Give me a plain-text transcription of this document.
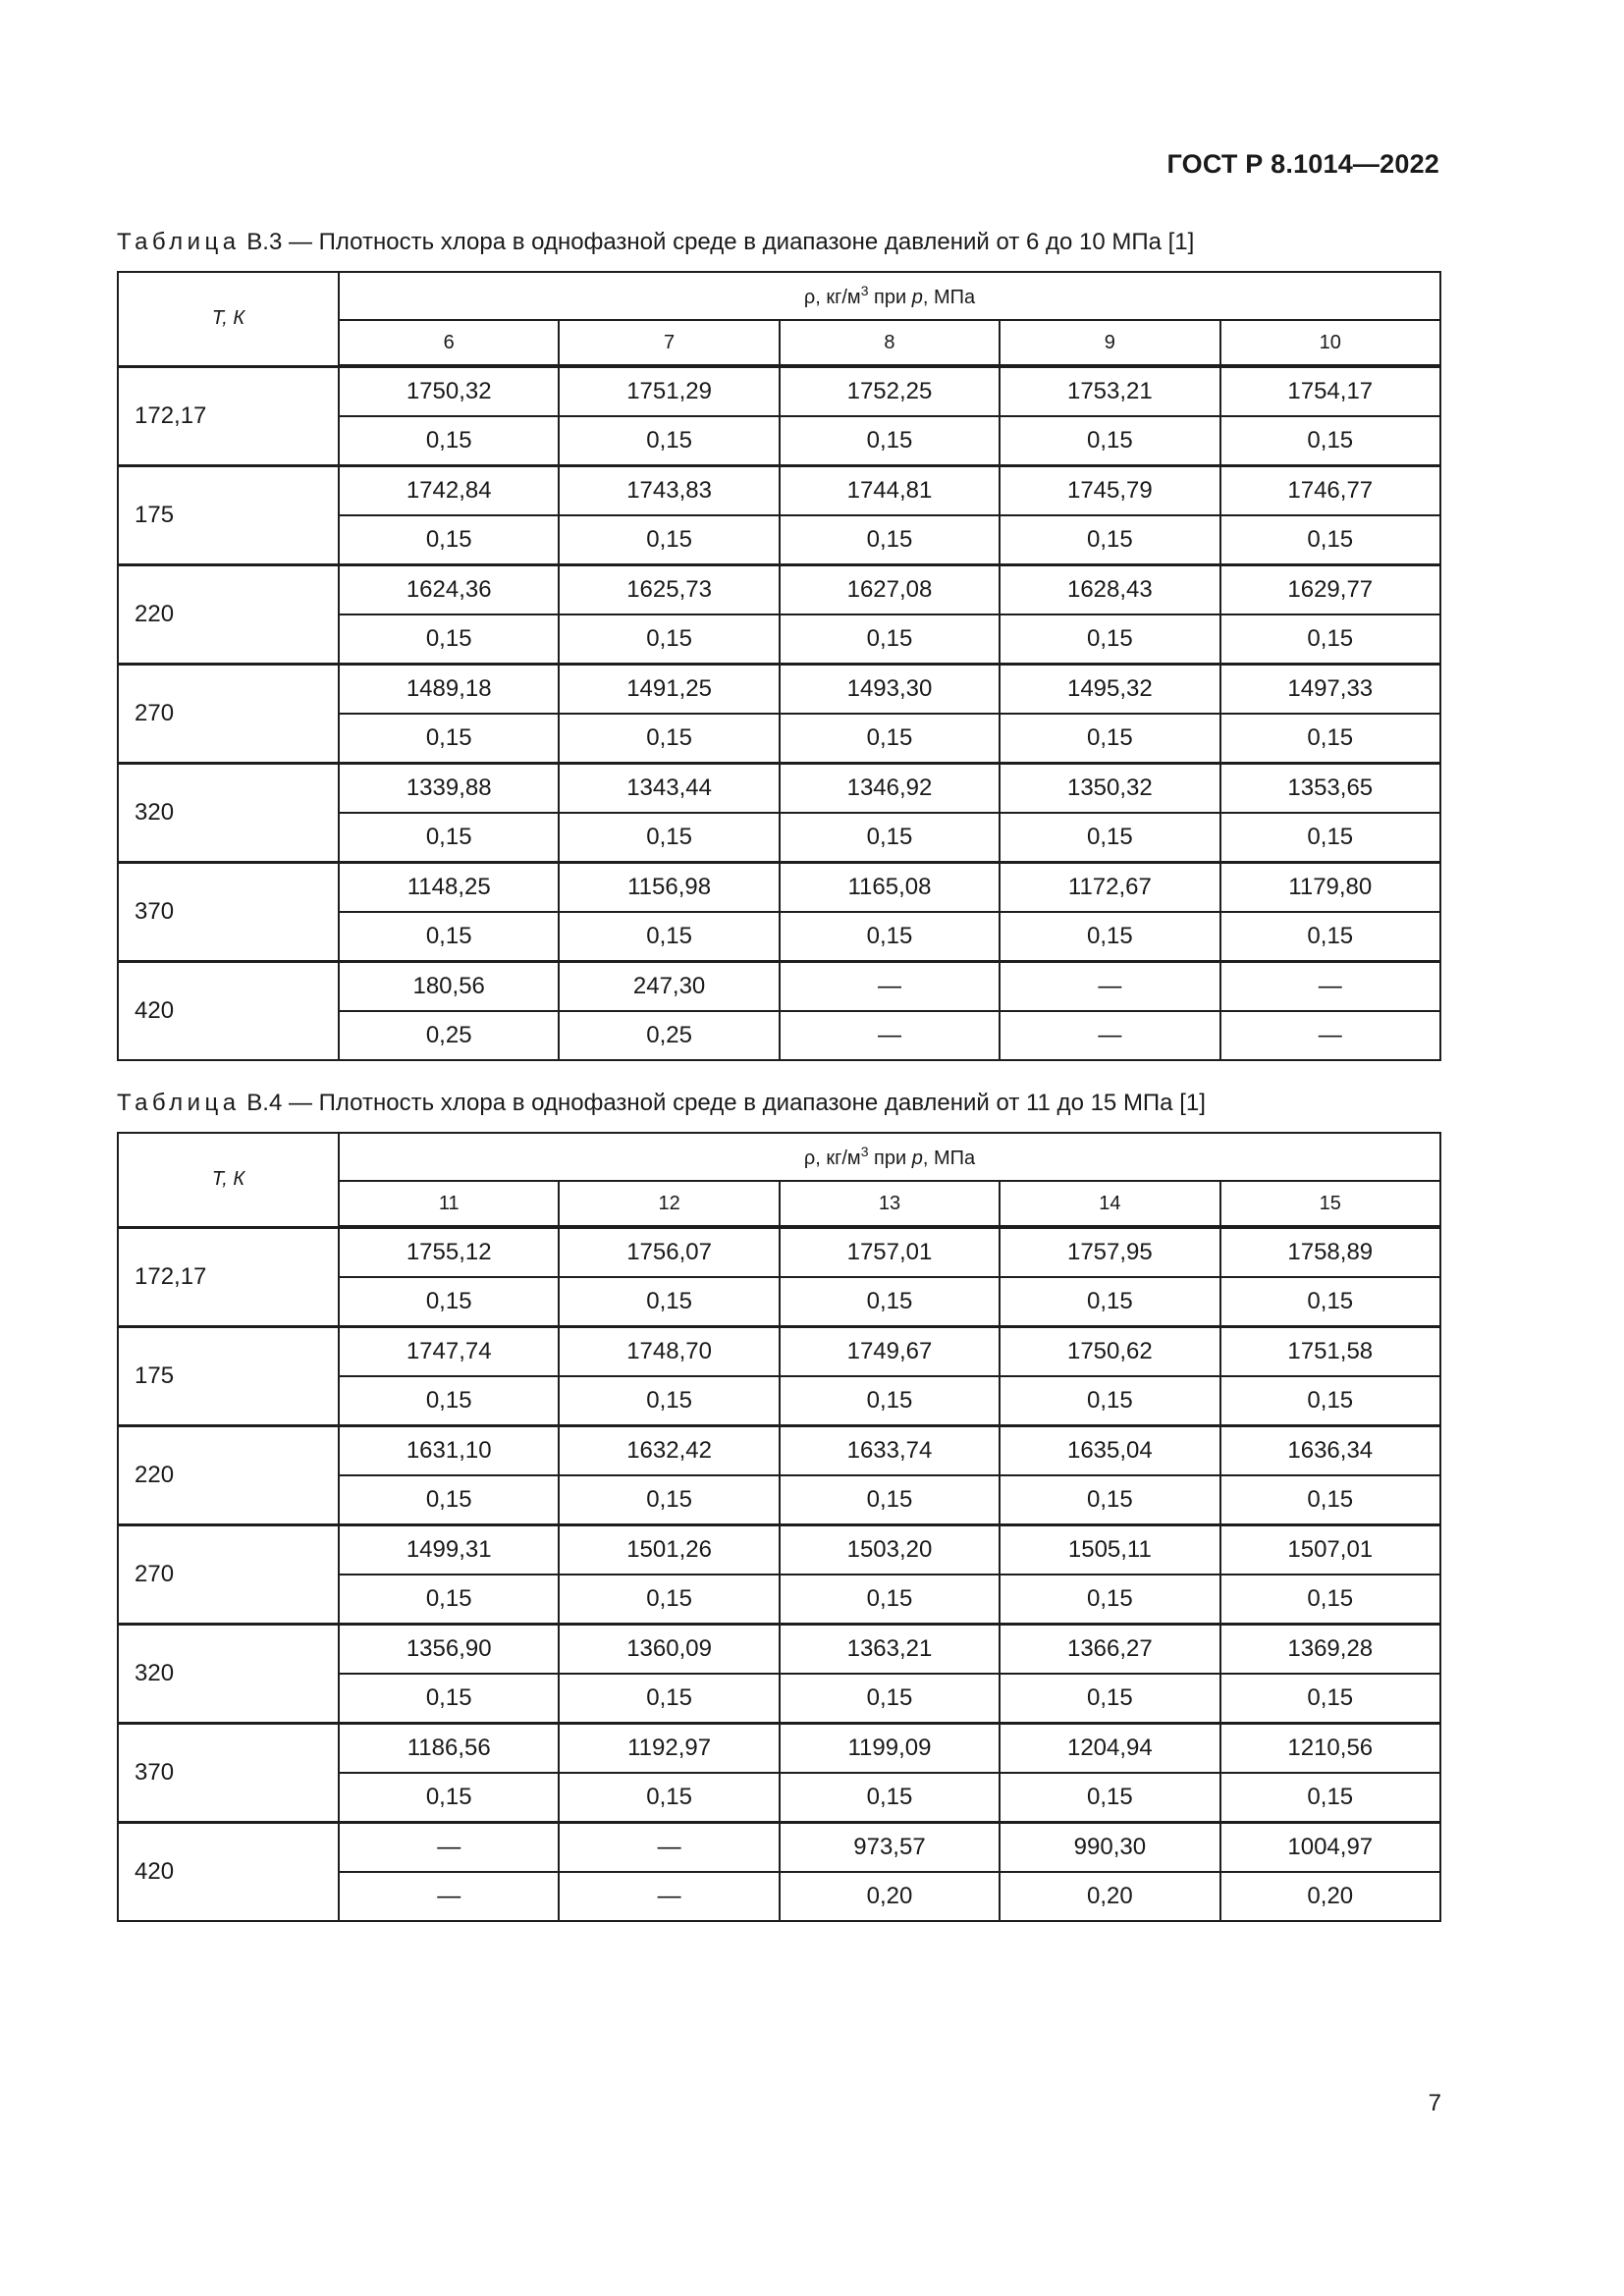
ГОСТ Р 8.1014—2022
Таблица В.3 — Плотность хлора в однофазной среде в диапазоне давлений от 6 до 10 МПа [1]
T, К	ρ, $кг/м^3$ при p, МПа				
	6	7	8	9	10
172,17	1750,32	1751,29	1752,25	1753,21	1754,17
	0,15	0,15	0,15	0,15	0,15
175	1742,84	1743,83	1744,81	1745,79	1746,77
	0,15	0,15	0,15	0,15	0,15
220	1624,36	1625,73	1627,08	1628,43	1629,77
	0,15	0,15	0,15	0,15	0,15
270	1489,18	1491,25	1493,30	1495,32	1497,33
	0,15	0,15	0,15	0,15	0,15
320	1339,88	1343,44	1346,92	1350,32	1353,65
	0,15	0,15	0,15	0,15	0,15
370	1148,25	1156,98	1165,08	1172,67	1179,80
	0,15	0,15	0,15	0,15	0,15
420	180,56	247,30	—	—	—
	0,25	0,25	—	—	—
Таблица В.4 — Плотность хлора в однофазной среде в диапазоне давлений от 11 до 15 МПа [1]
T, К	ρ, $кг/м^3$ при p, МПа				
	11	12	13	14	15
172,17	1755,12	1756,07	1757,01	1757,95	1758,89
	0,15	0,15	0,15	0,15	0,15
175	1747,74	1748,70	1749,67	1750,62	1751,58
	0,15	0,15	0,15	0,15	0,15
220	1631,10	1632,42	1633,74	1635,04	1636,34
	0,15	0,15	0,15	0,15	0,15
270	1499,31	1501,26	1503,20	1505,11	1507,01
	0,15	0,15	0,15	0,15	0,15
320	1356,90	1360,09	1363,21	1366,27	1369,28
	0,15	0,15	0,15	0,15	0,15
370	1186,56	1192,97	1199,09	1204,94	1210,56
	0,15	0,15	0,15	0,15	0,15
420	—	—	973,57	990,30	1004,97
	—	—	0,20	0,20	0,20
7
